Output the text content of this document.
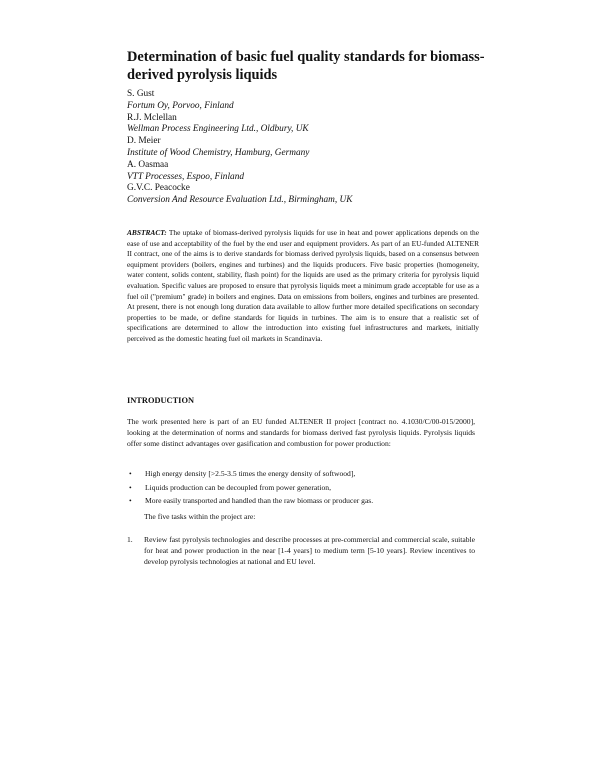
Determination of basic fuel quality standards for biomass-derived pyrolysis liquids
S. Gust
Fortum Oy, Porvoo, Finland
R.J. Mclellan
Wellman Process Engineering Ltd., Oldbury, UK
D. Meier
Institute of Wood Chemistry, Hamburg, Germany
A. Oasmaa
VTT Processes, Espoo, Finland
G.V.C. Peacocke
Conversion And Resource Evaluation Ltd., Birmingham, UK

ABSTRACT: The uptake of biomass-derived pyrolysis liquids for use in heat and power applications depends on the ease of use and acceptability of the fuel by the end user and equipment providers. As part of an EU-funded ALTENER II contract, one of the aims is to derive standards for biomass derived pyrolysis liquids, based on a consensus between equipment providers (boilers, engines and turbines) and the liquids producers. Five basic properties (homogeneity, water content, solids content, stability, flash point) for the liquids are used as the primary criteria for pyrolysis liquid evaluation. Specific values are proposed to ensure that pyrolysis liquids meet a minimum grade acceptable for use as a fuel oil ("premium" grade) in boilers and engines. Data on emissions from boilers, engines and turbines are presented. At present, there is not enough long duration data available to allow further more detailed specifications on secondary properties to be made, or define standards for liquids in turbines. The aim is to ensure that a realistic set of specifications are determined to allow the introduction into existing fuel infrastructures and markets, initially perceived as the domestic heating fuel oil markets in Scandinavia.

INTRODUCTION

The work presented here is part of an EU funded ALTENER II project [contract no. 4.1030/C/00-015/2000], looking at the determination of norms and standards for biomass derived fast pyrolysis liquids. Pyrolysis liquids offer some distinct advantages over gasification and combustion for power production:

• High energy density [>2.5-3.5 times the energy density of softwood],
• Liquids production can be decoupled from power generation,
• More easily transported and handled than the raw biomass or producer gas.

The five tasks within the project are:

1. Review fast pyrolysis technologies and describe processes at pre-commercial and commercial scale, suitable for heat and power production in the near [1-4 years] to medium term [5-10 years]. Review incentives to develop pyrolysis technologies at national and EU level.
